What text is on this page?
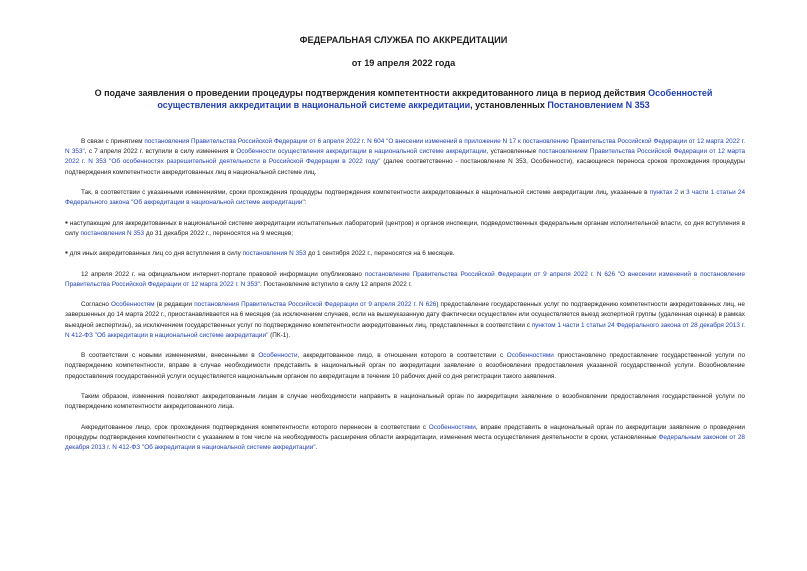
ФЕДЕРАЛЬНАЯ СЛУЖБА ПО АККРЕДИТАЦИИ
от 19 апреля 2022 года
О подаче заявления о проведении процедуры подтверждения компетентности аккредитованного лица в период действия Особенностей осуществления аккредитации в национальной системе аккредитации, установленных Постановлением N 353

В связи с принятием постановления Правительства Российской Федерации от 6 апреля 2022 г. N 604 "О внесении изменений в приложение N 17 к постановлению Правительства Российской Федерации от 12 марта 2022 г. N 353", с 7 апреля 2022 г. вступили в силу изменения в Особенности осуществления аккредитации в национальной системе аккредитации, установленные постановлением Правительства Российской Федерации от 12 марта 2022 г. N 353 "Об особенностях разрешительной деятельности в Российской Федерации в 2022 году" (далее соответственно - постановление N 353, Особенности), касающиеся переноса сроков прохождения процедуры подтверждения компетентности аккредитованных лиц в национальной системе лиц.

Так, в соответствии с указанными изменениями, сроки прохождения процедуры подтверждения компетентности аккредитованных в национальной системе аккредитации лиц, указанные в пунктах 2 и 3 части 1 статьи 24 Федерального закона "Об аккредитации в национальной системе аккредитации":

▪ наступающие для аккредитованных в национальной системе аккредитации испытательных лабораторий (центров) и органов инспекции, подведомственных федеральным органам исполнительной власти, со дня вступления в силу постановления N 353 до 31 декабря 2022 г., переносятся на 9 месяцев;

▪ для иных аккредитованных лиц со дня вступления в силу постановления N 353 до 1 сентября 2022 г., переносятся на 6 месяцев.

12 апреля 2022 г. на официальном интернет-портале правовой информации опубликовано постановление Правительства Российской Федерации от 9 апреля 2022 г. N 626 "О внесении изменений в постановление Правительства Российской Федерации от 12 марта 2022 г. N 353". Постановление вступило в силу 12 апреля 2022 г.

Согласно Особенностям (в редакции постановления Правительства Российской Федерации от 9 апреля 2022 г. N 626) предоставление государственных услуг по подтверждению компетентности аккредитованных лиц, не завершенных до 14 марта 2022 г., приостанавливается на 6 месяцев (за исключением случаев, если на вышеуказанную дату фактически осуществлен или осуществляется выезд экспертной группы (удаленная оценка) в рамках выездной экспертизы), за исключением государственных услуг по подтверждению компетентности аккредитованных лиц, представленных в соответствии с пунктом 1 части 1 статьи 24 Федерального закона от 28 декабря 2013 г. N 412-ФЗ "Об аккредитации в национальной системе аккредитации" (ПК-1).

В соответствии с новыми изменениями, внесенными в Особенности, аккредитованное лицо, в отношении которого в соответствии с Особенностями приостановлено предоставление государственной услуги по подтверждению компетентности, вправе в случае необходимости представить в национальный орган по аккредитации заявление о возобновлении предоставления указанной государственной услуги. Возобновление предоставления государственной услуги осуществляется национальным органом по аккредитации в течение 10 рабочих дней со дня регистрации такого заявления.

Таким образом, изменения позволяют аккредитованным лицам в случае необходимости направить в национальный орган по аккредитации заявление о возобновлении предоставления государственной услуги по подтверждению компетентности аккредитованного лица.

Аккредитованное лицо, срок прохождения подтверждения компетентности которого перенесен в соответствии с Особенностями, вправе представить в национальный орган по аккредитации заявление о проведении процедуры подтверждения компетентности с указанием в том числе на необходимость расширения области аккредитации, изменения места осуществления деятельности в сроки, установленные Федеральным законом от 28 декабря 2013 г. N 412-ФЗ "Об аккредитации в национальной системе аккредитации".
